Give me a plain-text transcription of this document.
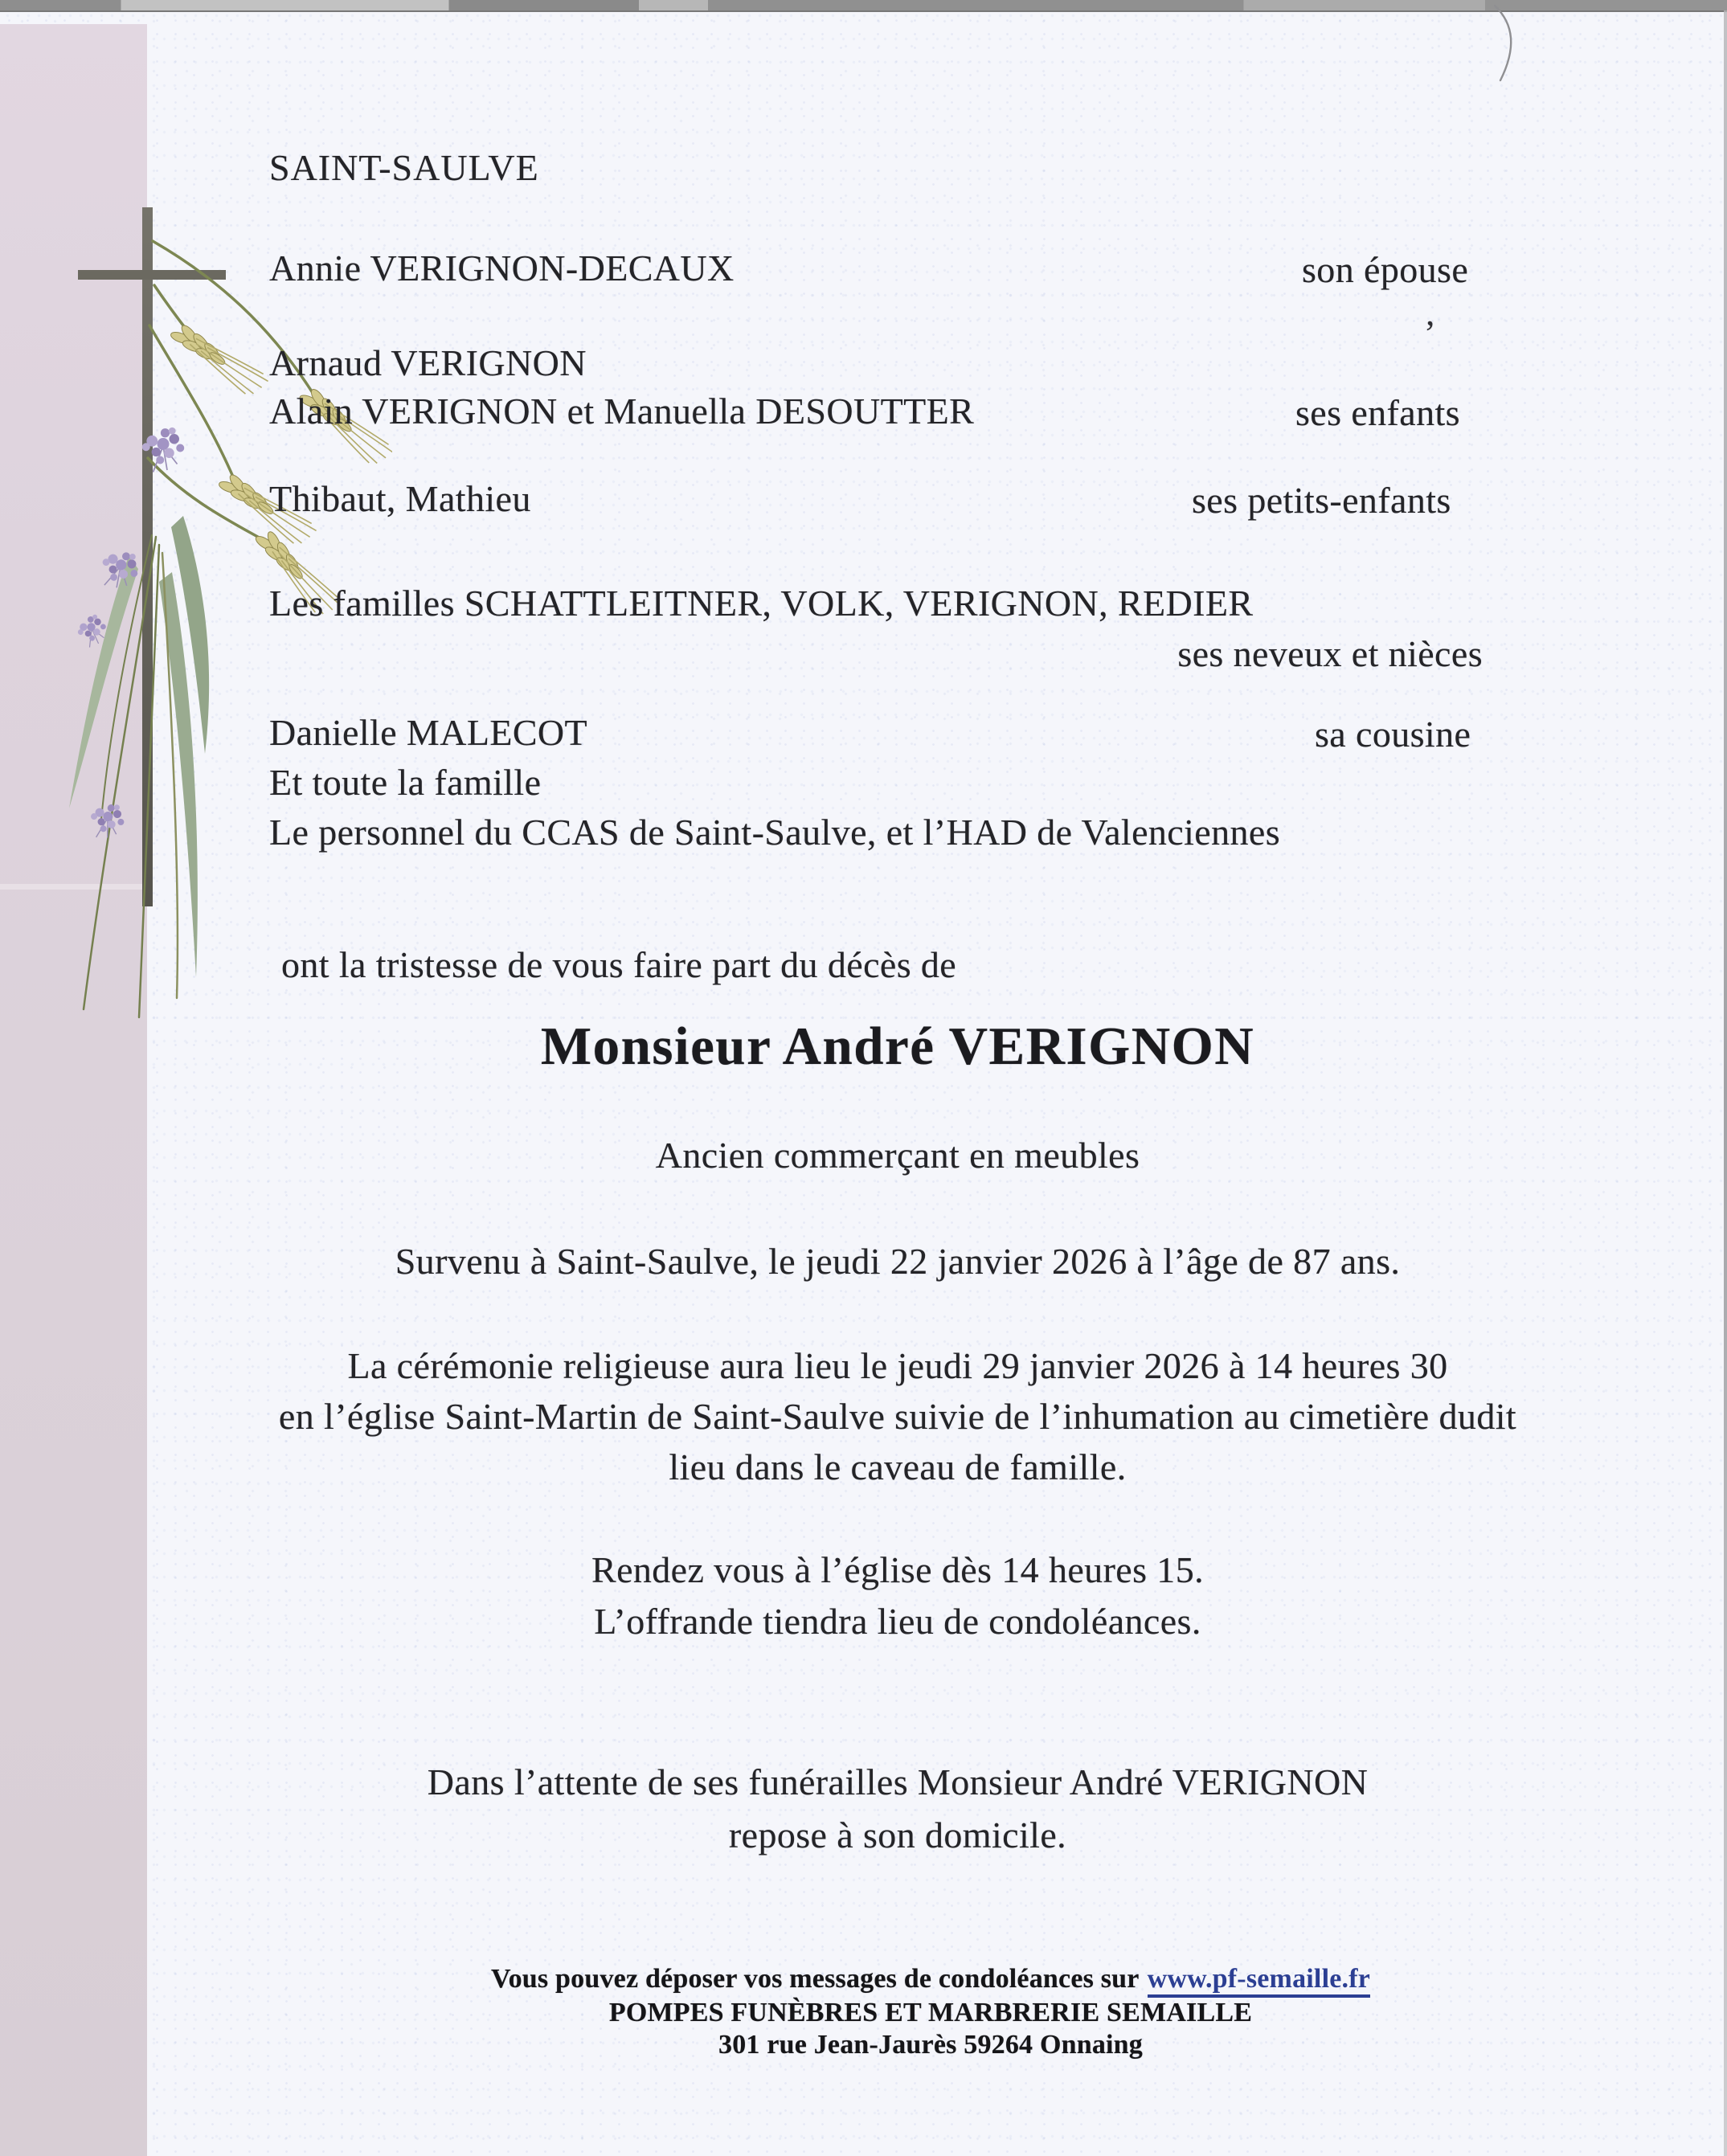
SAINT-SAULVE
Annie VERIGNON-DECAUX	son épouse
Arnaud VERIGNON
Alain VERIGNON et Manuella DESOUTTER	ses enfants
Thibaut, Mathieu	ses petits-enfants
Les familles SCHATTLEITNER, VOLK, VERIGNON, REDIER
ses neveux et nièces
Danielle MALECOT	sa cousine
Et toute la famille
Le personnel du CCAS de Saint-Saulve, et l’HAD de Valenciennes
’
ont la tristesse de vous faire part du décès de
Monsieur André VERIGNON
Ancien commerçant en meubles
Survenu à Saint-Saulve, le jeudi 22 janvier 2026 à l’âge de 87 ans.
La cérémonie religieuse aura lieu le jeudi 29 janvier 2026 à 14 heures 30
en l’église Saint-Martin de Saint-Saulve suivie de l’inhumation au cimetière dudit
lieu dans le caveau de famille.
Rendez vous à l’église dès 14 heures 15.
L’offrande tiendra lieu de condoléances.
Dans l’attente de ses funérailles Monsieur André VERIGNON
repose à son domicile.
Vous pouvez déposer vos messages de condoléances sur www.pf-semaille.fr
POMPES FUNÈBRES ET MARBRERIE SEMAILLE
301 rue Jean-Jaurès 59264 Onnaing
